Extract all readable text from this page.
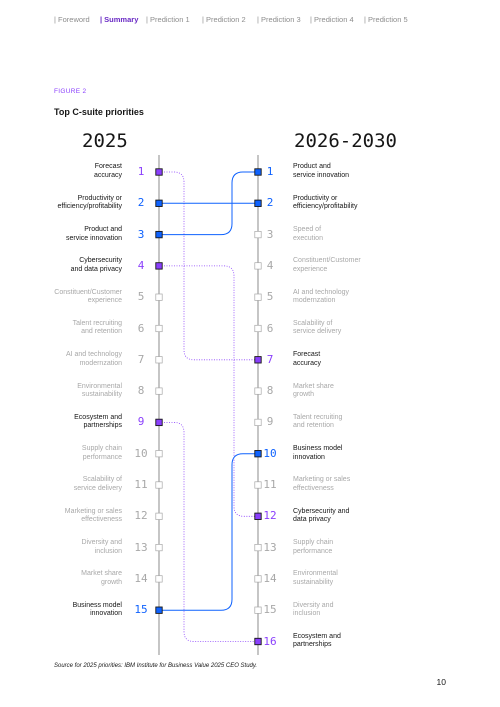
| Foreword | Summary | Prediction 1 | Prediction 2 | Prediction 3 | Prediction 4 | Prediction 5
FIGURE 2
Top C-suite priorities
2025	2026-2030
1
Forecast
accuracy
2
Productivity or
efficiency/profitability
3
Product and
service innovation
4
Cybersecurity
and data privacy
5
Constituent/Customer
experience
6
Talent recruiting
and retention
7
AI and technology
modernzation
8
Environmental
sustainability
9
Ecosystem and
partnerships
10
Supply chain
performance
11
Scalability of
service delivery
12
Marketing or sales
effectiveness
13
Diversity and
inclusion
14
Market share
growth
15
Business model
innovation
1	Product and
service innovation
2	Productivity or
efficiency/profitability
3	Speed of
execution
4	Constituent/Customer
experience
5	AI and technology
modernzation
6	Scalability of
service delivery
7	Forecast
accuracy
8	Market share
growth
9	Talent recruiting
and retention
10 Business model
innovation
11 Marketing or sales
effectiveness
12 Cybersecurity and
data privacy
13 Supply chain
performance
14 Environmental
sustainability
15 Diversity and
inclusion
16 Ecosystem and
partnerships
Source for 2025 priorities: IBM Institute for Business Value 2025 CEO Study.
10
